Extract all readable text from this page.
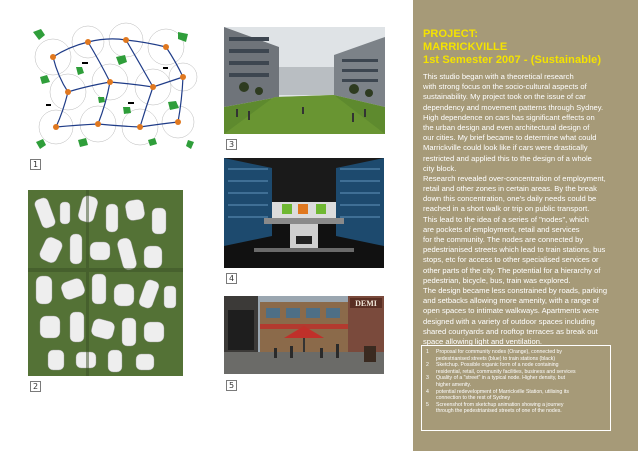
1
2
3
4
DEMI
5
PROJECT:
MARRICKVILLE
1st Semester 2007 - (Sustainable)

This studio began with a theoretical research

with strong focus on the socio-cultural aspects of

sustainability. My project took on the issue of car

dependency and movement patterns through Sydney.

High dependence on cars has significant effects on

the urban design and even architectural design of

our cities. My brief became to determine what could

Marrickville could look like if cars were drastically

restricted and applied this to the design of a whole

city block.

Research revealed over-concentration of employment,

retail and other zones in certain areas. By the break

down this concentration, one's daily needs could be

reached in a short walk or trip on public transport.

This lead to the idea of a series of "nodes", which

are pockets of employment, retail and services

for the community. The nodes are connected by

pedestrianised streets which lead to train stations, bus

stops, etc for access to other specialised services or

other parts of the city. The potential for a hierarchy of

pedestrian, bicycle, bus, train was explored.

The design became less constrained by roads, parking

and setbacks allowing more amenity, with a range of

open spaces to intimate walkways. Apartments were

designed with a variety of outdoor spaces including

shared courtyards and rooftop terraces as break out

space allowing light and ventilation.

1	Proposal for community nodes (Orange), connected by

pedestrianised streets (blue) to train stations (black)

2	Sketchup. Possible organic form of a node containing

residential, retail, community facilities, business and services

3	Quality of a "street" in a typical node. Higher density, but

higher amenity.

4	potential redevelopment of Marrickville Station, utilising its

connection to the rest of Sydney

5	Screenshot from sketchup animation showing a journey

through the pedestrianised streets of one of the nodes.
